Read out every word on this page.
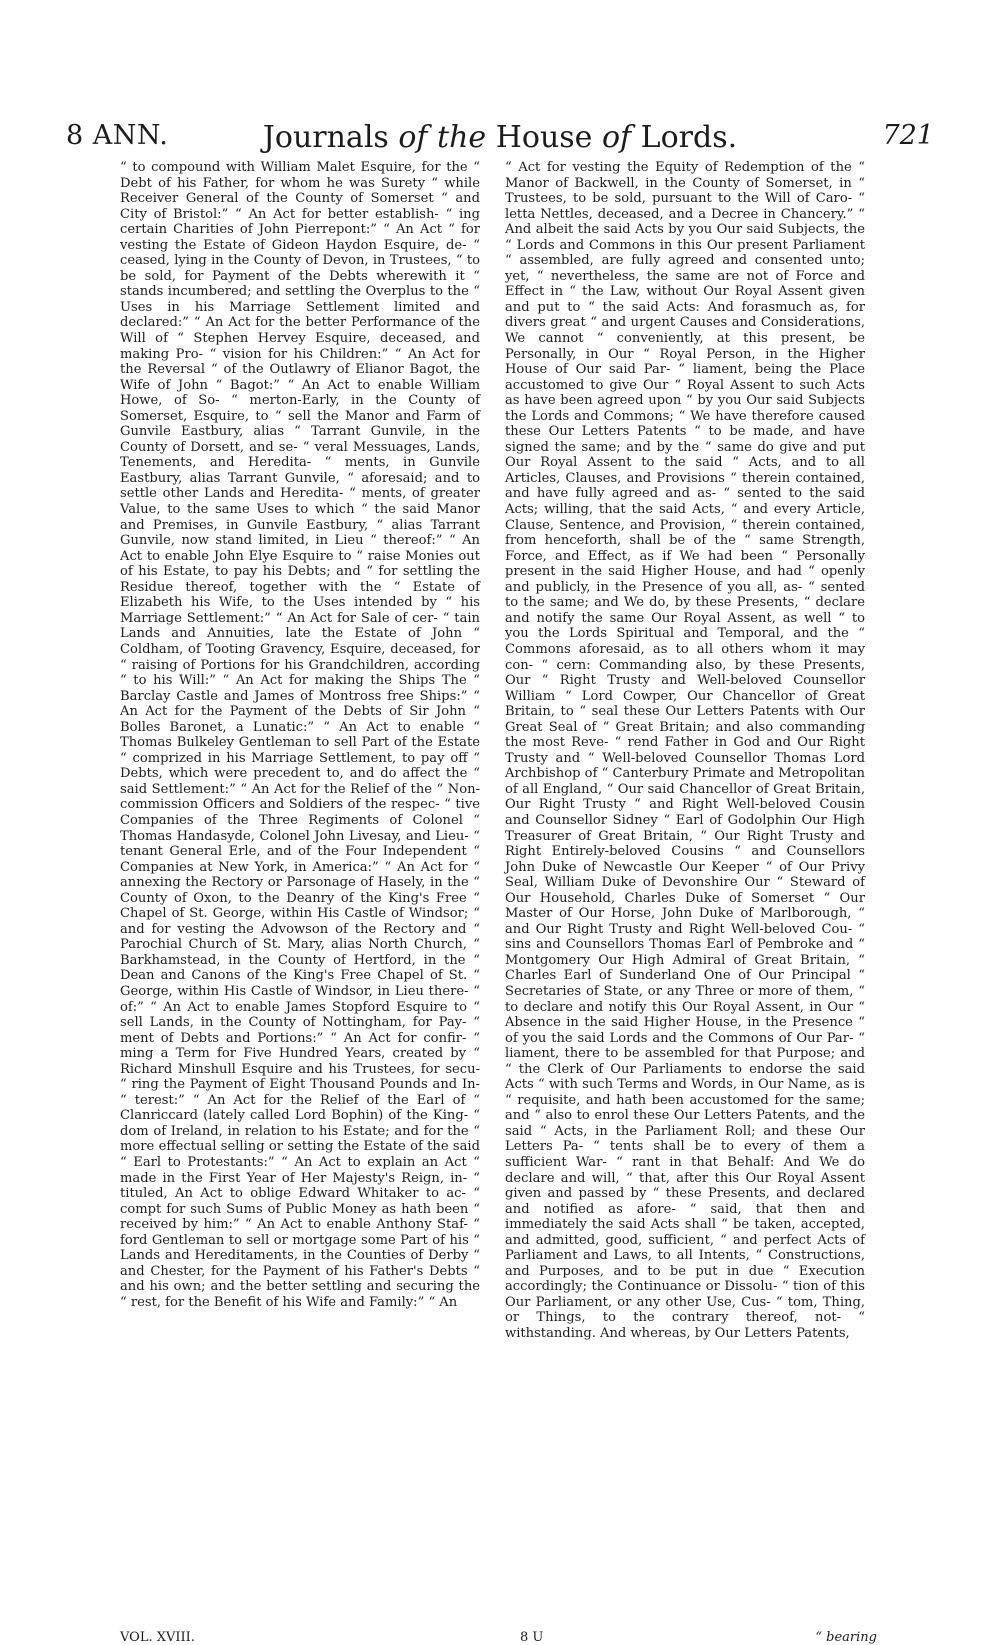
8 ANN.	Journals of the House of Lords.	721

“ to compound with William Malet Esquire, for the “ Debt of his Father, for whom he was Surety “ while Receiver General of the County of Somerset “ and City of Bristol:” “ An Act for better establish- “ ing certain Charities of John Pierrepont:” “ An Act “ for vesting the Estate of Gideon Haydon Esquire, de- “ ceased, lying in the County of Devon, in Trustees, “ to be sold, for Payment of the Debts wherewith it “ stands incumbered; and settling the Overplus to the “ Uses in his Marriage Settlement limited and declared:” “ An Act for the better Performance of the Will of “ Stephen Hervey Esquire, deceased, and making Pro- “ vision for his Children:” “ An Act for the Reversal “ of the Outlawry of Elianor Bagot, the Wife of John “ Bagot:” “ An Act to enable William Howe, of So- “ merton-Early, in the County of Somerset, Esquire, to “ sell the Manor and Farm of Gunvile Eastbury, alias “ Tarrant Gunvile, in the County of Dorsett, and se- “ veral Messuages, Lands, Tenements, and Heredita- “ ments, in Gunvile Eastbury, alias Tarrant Gunvile, “ aforesaid; and to settle other Lands and Heredita- “ ments, of greater Value, to the same Uses to which “ the said Manor and Premises, in Gunvile Eastbury, “ alias Tarrant Gunvile, now stand limited, in Lieu “ thereof:” “ An Act to enable John Elye Esquire to “ raise Monies out of his Estate, to pay his Debts; and “ for settling the Residue thereof, together with the “ Estate of Elizabeth his Wife, to the Uses intended by “ his Marriage Settlement:” “ An Act for Sale of cer- “ tain Lands and Annuities, late the Estate of John “ Coldham, of Tooting Gravency, Esquire, deceased, for “ raising of Portions for his Grandchildren, according “ to his Will:” “ An Act for making the Ships The “ Barclay Castle and James of Montross free Ships:” “ An Act for the Payment of the Debts of Sir John “ Bolles Baronet, a Lunatic:” “ An Act to enable “ Thomas Bulkeley Gentleman to sell Part of the Estate “ comprized in his Marriage Settlement, to pay off “ Debts, which were precedent to, and do affect the “ said Settlement:” “ An Act for the Relief of the “ Non-commission Officers and Soldiers of the respec- “ tive Companies of the Three Regiments of Colonel “ Thomas Handasyde, Colonel John Livesay, and Lieu- “ tenant General Erle, and of the Four Independent “ Companies at New York, in America:” “ An Act for “ annexing the Rectory or Parsonage of Hasely, in the “ County of Oxon, to the Deanry of the King's Free “ Chapel of St. George, within His Castle of Windsor; “ and for vesting the Advowson of the Rectory and “ Parochial Church of St. Mary, alias North Church, “ Barkhamstead, in the County of Hertford, in the “ Dean and Canons of the King's Free Chapel of St. “ George, within His Castle of Windsor, in Lieu there- “ of:” “ An Act to enable James Stopford Esquire to “ sell Lands, in the County of Nottingham, for Pay- “ ment of Debts and Portions:” “ An Act for confir- “ ming a Term for Five Hundred Years, created by “ Richard Minshull Esquire and his Trustees, for secu- “ ring the Payment of Eight Thousand Pounds and In- “ terest:” “ An Act for the Relief of the Earl of “ Clanriccard (lately called Lord Bophin) of the King- “ dom of Ireland, in relation to his Estate; and for the “ more effectual selling or setting the Estate of the said “ Earl to Protestants:” “ An Act to explain an Act “ made in the First Year of Her Majesty's Reign, in- “ tituled, An Act to oblige Edward Whitaker to ac- “ compt for such Sums of Public Money as hath been “ received by him:” “ An Act to enable Anthony Staf- “ ford Gentleman to sell or mortgage some Part of his “ Lands and Hereditaments, in the Counties of Derby “ and Chester, for the Payment of his Father's Debts “ and his own; and the better settling and securing the “ rest, for the Benefit of his Wife and Family:” “ An

“ Act for vesting the Equity of Redemption of the “ Manor of Backwell, in the County of Somerset, in “ Trustees, to be sold, pursuant to the Will of Caro- “ letta Nettles, deceased, and a Decree in Chancery.” “ And albeit the said Acts by you Our said Subjects, the “ Lords and Commons in this Our present Parliament “ assembled, are fully agreed and consented unto; yet, “ nevertheless, the same are not of Force and Effect in “ the Law, without Our Royal Assent given and put to “ the said Acts: And forasmuch as, for divers great “ and urgent Causes and Considerations, We cannot “ conveniently, at this present, be Personally, in Our “ Royal Person, in the Higher House of Our said Par- “ liament, being the Place accustomed to give Our “ Royal Assent to such Acts as have been agreed upon “ by you Our said Subjects the Lords and Commons; “ We have therefore caused these Our Letters Patents “ to be made, and have signed the same; and by the “ same do give and put Our Royal Assent to the said “ Acts, and to all Articles, Clauses, and Provisions “ therein contained, and have fully agreed and as- “ sented to the said Acts; willing, that the said Acts, “ and every Article, Clause, Sentence, and Provision, “ therein contained, from henceforth, shall be of the “ same Strength, Force, and Effect, as if We had been “ Personally present in the said Higher House, and had “ openly and publicly, in the Presence of you all, as- “ sented to the same; and We do, by these Presents, “ declare and notify the same Our Royal Assent, as well “ to you the Lords Spiritual and Temporal, and the “ Commons aforesaid, as to all others whom it may con- “ cern: Commanding also, by these Presents, Our “ Right Trusty and Well-beloved Counsellor William “ Lord Cowper, Our Chancellor of Great Britain, to “ seal these Our Letters Patents with Our Great Seal of “ Great Britain; and also commanding the most Reve- “ rend Father in God and Our Right Trusty and “ Well-beloved Counsellor Thomas Lord Archbishop of “ Canterbury Primate and Metropolitan of all England, “ Our said Chancellor of Great Britain, Our Right Trusty “ and Right Well-beloved Cousin and Counsellor Sidney “ Earl of Godolphin Our High Treasurer of Great Britain, “ Our Right Trusty and Right Entirely-beloved Cousins “ and Counsellors John Duke of Newcastle Our Keeper “ of Our Privy Seal, William Duke of Devonshire Our “ Steward of Our Household, Charles Duke of Somerset “ Our Master of Our Horse, John Duke of Marlborough, “ and Our Right Trusty and Right Well-beloved Cou- “ sins and Counsellors Thomas Earl of Pembroke and “ Montgomery Our High Admiral of Great Britain, “ Charles Earl of Sunderland One of Our Principal “ Secretaries of State, or any Three or more of them, “ to declare and notify this Our Royal Assent, in Our “ Absence in the said Higher House, in the Presence “ of you the said Lords and the Commons of Our Par- “ liament, there to be assembled for that Purpose; and “ the Clerk of Our Parliaments to endorse the said Acts “ with such Terms and Words, in Our Name, as is “ requisite, and hath been accustomed for the same; and “ also to enrol these Our Letters Patents, and the said “ Acts, in the Parliament Roll; and these Our Letters Pa- “ tents shall be to every of them a sufficient War- “ rant in that Behalf: And We do declare and will, “ that, after this Our Royal Assent given and passed by “ these Presents, and declared and notified as afore- “ said, that then and immediately the said Acts shall “ be taken, accepted, and admitted, good, sufficient, “ and perfect Acts of Parliament and Laws, to all Intents, “ Constructions, and Purposes, and to be put in due “ Execution accordingly; the Continuance or Dissolu- “ tion of this Our Parliament, or any other Use, Cus- “ tom, Thing, or Things, to the contrary thereof, not- “ withstanding. And whereas, by Our Letters Patents,

VOL. XVIII.	8 U	“ bearing
